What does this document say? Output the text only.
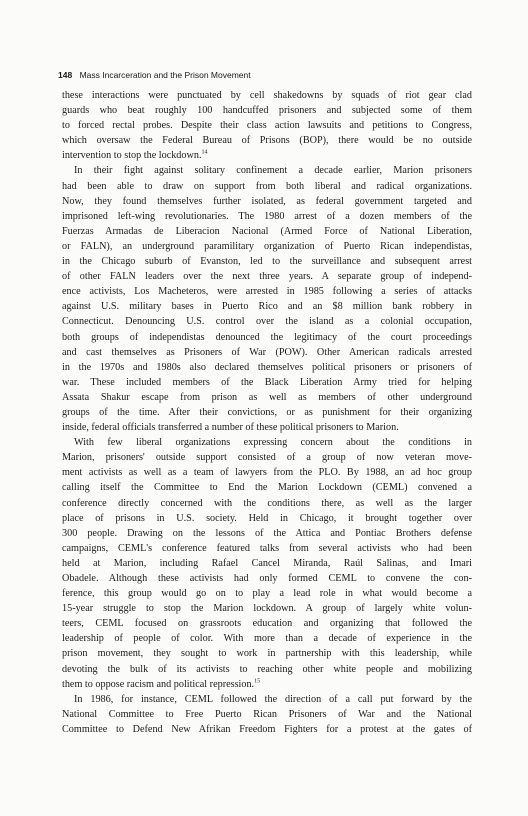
148 Mass Incarceration and the Prison Movement
these interactions were punctuated by cell shakedowns by squads of riot gear clad
guards who beat roughly 100 handcuffed prisoners and subjected some of them
to forced rectal probes. Despite their class action lawsuits and petitions to Congress,
which oversaw the Federal Bureau of Prisons (BOP), there would be no outside
intervention to stop the lockdown.$^{14}$
In their fight against solitary confinement a decade earlier, Marion prisoners
had been able to draw on support from both liberal and radical organizations.
Now, they found themselves further isolated, as federal government targeted and
imprisoned left-wing revolutionaries. The 1980 arrest of a dozen members of the
Fuerzas Armadas de Liberacion Nacional (Armed Force of National Liberation,
or FALN), an underground paramilitary organization of Puerto Rican independistas,
in the Chicago suburb of Evanston, led to the surveillance and subsequent arrest
of other FALN leaders over the next three years. A separate group of independ-
ence activists, Los Macheteros, were arrested in 1985 following a series of attacks
against U.S. military bases in Puerto Rico and an $8 million bank robbery in
Connecticut. Denouncing U.S. control over the island as a colonial occupation,
both groups of independistas denounced the legitimacy of the court proceedings
and cast themselves as Prisoners of War (POW). Other American radicals arrested
in the 1970s and 1980s also declared themselves political prisoners or prisoners of
war. These included members of the Black Liberation Army tried for helping
Assata Shakur escape from prison as well as members of other underground
groups of the time. After their convictions, or as punishment for their organizing
inside, federal officials transferred a number of these political prisoners to Marion.
With few liberal organizations expressing concern about the conditions in
Marion, prisoners' outside support consisted of a group of now veteran move-
ment activists as well as a team of lawyers from the PLO. By 1988, an ad hoc group
calling itself the Committee to End the Marion Lockdown (CEML) convened a
conference directly concerned with the conditions there, as well as the larger
place of prisons in U.S. society. Held in Chicago, it brought together over
300 people. Drawing on the lessons of the Attica and Pontiac Brothers defense
campaigns, CEML's conference featured talks from several activists who had been
held at Marion, including Rafael Cancel Miranda, Raúl Salinas, and Imari
Obadele. Although these activists had only formed CEML to convene the con-
ference, this group would go on to play a lead role in what would become a
15-year struggle to stop the Marion lockdown. A group of largely white volun-
teers, CEML focused on grassroots education and organizing that followed the
leadership of people of color. With more than a decade of experience in the
prison movement, they sought to work in partnership with this leadership, while
devoting the bulk of its activists to reaching other white people and mobilizing
them to oppose racism and political repression.$^{15}$
In 1986, for instance, CEML followed the direction of a call put forward by the
National Committee to Free Puerto Rican Prisoners of War and the National
Committee to Defend New Afrikan Freedom Fighters for a protest at the gates of
